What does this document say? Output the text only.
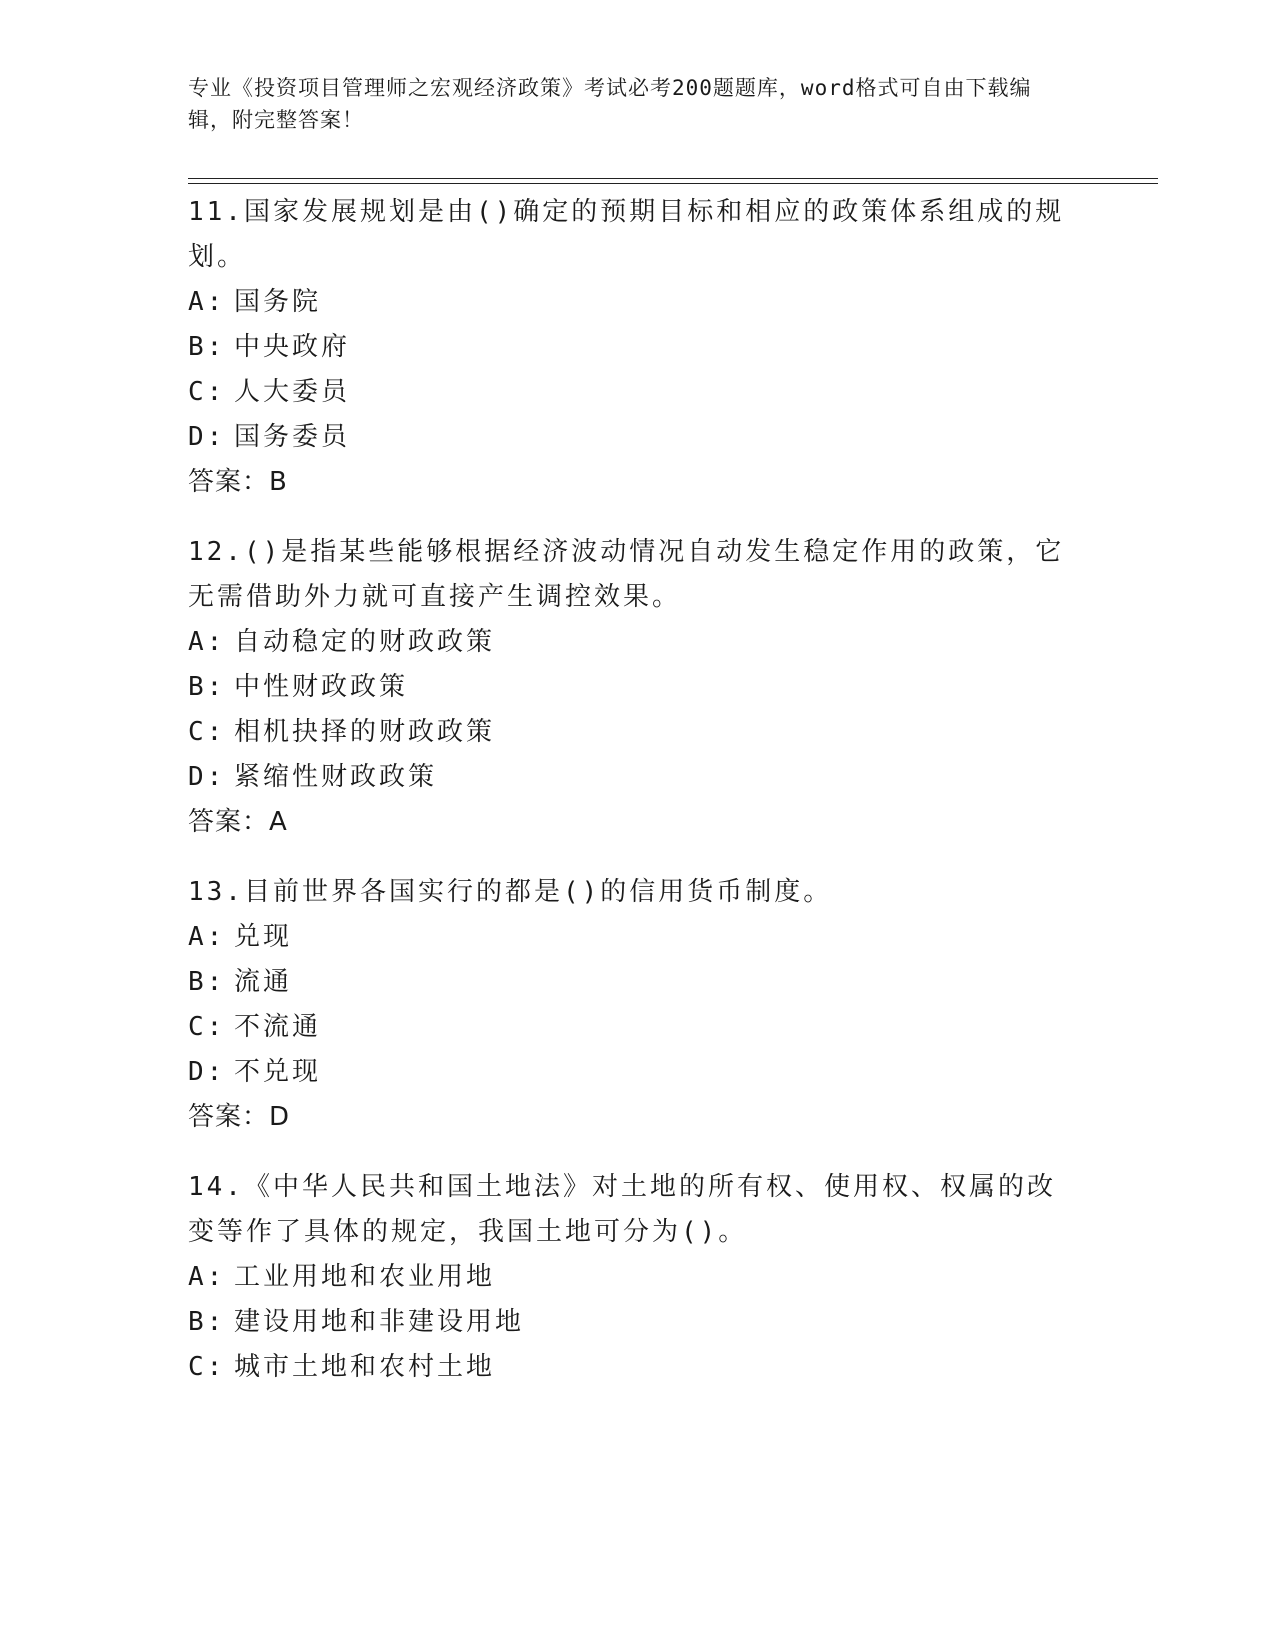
专业《投资项目管理师之宏观经济政策》考试必考200题题库，word格式可自由下载编辑，附完整答案！
11.国家发展规划是由()确定的预期目标和相应的政策体系组成的规划。
A: 国务院
B: 中央政府
C: 人大委员
D: 国务委员
答案：B
12.()是指某些能够根据经济波动情况自动发生稳定作用的政策，它无需借助外力就可直接产生调控效果。
A: 自动稳定的财政政策
B: 中性财政政策
C: 相机抉择的财政政策
D: 紧缩性财政政策
答案：A
13.目前世界各国实行的都是()的信用货币制度。
A: 兑现
B: 流通
C: 不流通
D: 不兑现
答案：D
14.《中华人民共和国土地法》对土地的所有权、使用权、权属的改变等作了具体的规定，我国土地可分为()。
A: 工业用地和农业用地
B: 建设用地和非建设用地
C: 城市土地和农村土地
